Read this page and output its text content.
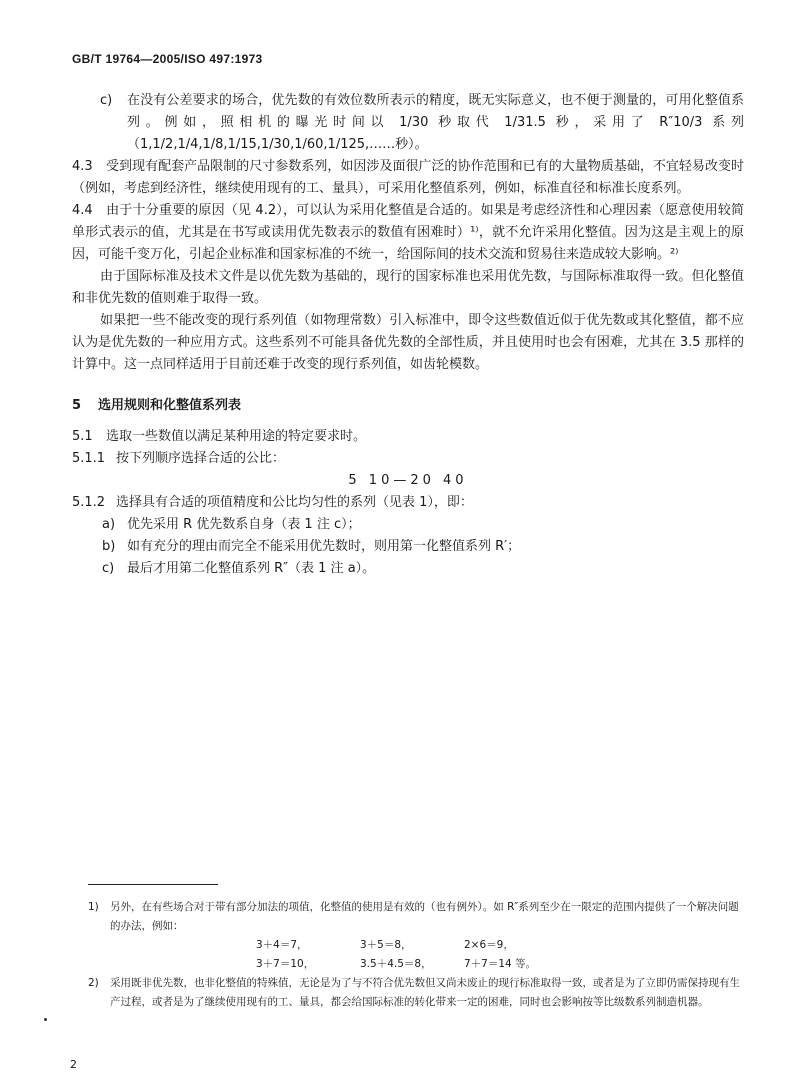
GB/T 19764—2005/ISO 497:1973

c) 在没有公差要求的场合，优先数的有效位数所表示的精度，既无实际意义，也不便于测量的，可用化整值系列。例如，照相机的曝光时间以 1/30 秒取代 1/31.5 秒，采用了 R″10/3 系列（1,1/2,1/4,1/8,1/15,1/30,1/60,1/125,……秒）。

4.3 受到现有配套产品限制的尺寸参数系列，如因涉及面很广泛的协作范围和已有的大量物质基础，不宜轻易改变时（例如，考虑到经济性，继续使用现有的工、量具），可采用化整值系列，例如，标准直径和标准长度系列。

4.4 由于十分重要的原因（见 4.2），可以认为采用化整值是合适的。如果是考虑经济性和心理因素（愿意使用较简单形式表示的值，尤其是在书写或读用优先数表示的数值有困难时）¹⁾，就不允许采用化整值。因为这是主观上的原因，可能千变万化，引起企业标准和国家标准的不统一，给国际间的技术交流和贸易往来造成较大影响。²⁾

由于国际标准及技术文件是以优先数为基础的，现行的国家标准也采用优先数，与国际标准取得一致。但化整值和非优先数的值则难于取得一致。

如果把一些不能改变的现行系列值（如物理常数）引入标准中，即令这些数值近似于优先数或其化整值，都不应认为是优先数的一种应用方式。这些系列不可能具备优先数的全部性质，并且使用时也会有困难，尤其在 3.5 那样的计算中。这一点同样适用于目前还难于改变的现行系列值，如齿轮模数。

5 选用规则和化整值系列表

5.1 选取一些数值以满足某种用途的特定要求时。

5.1.1 按下列顺序选择合适的公比：

5 10—20 40

5.1.2 选择具有合适的项值精度和公比均匀性的系列（见表 1），即：

a) 优先采用 R 优先数系自身（表 1 注 c）；

b) 如有充分的理由而完全不能采用优先数时，则用第一化整值系列 R′；

c) 最后才用第二化整值系列 R″（表 1 注 a）。

1) 另外，在有些场合对于带有部分加法的项值，化整值的使用是有效的（也有例外）。如 R″系列至少在一限定的范围内提供了一个解决问题的办法，例如：

3＋4＝7，	3＋5＝8，	2×6＝9，
3＋7＝10，	3.5＋4.5＝8，	7＋7＝14 等。

2) 采用既非优先数，也非化整值的特殊值，无论是为了与不符合优先数但又尚未废止的现行标准取得一致，或者是为了立即仍需保持现有生产过程，或者是为了继续使用现有的工、量具，都会给国际标准的转化带来一定的困难，同时也会影响按等比级数系列制造机器。

2
